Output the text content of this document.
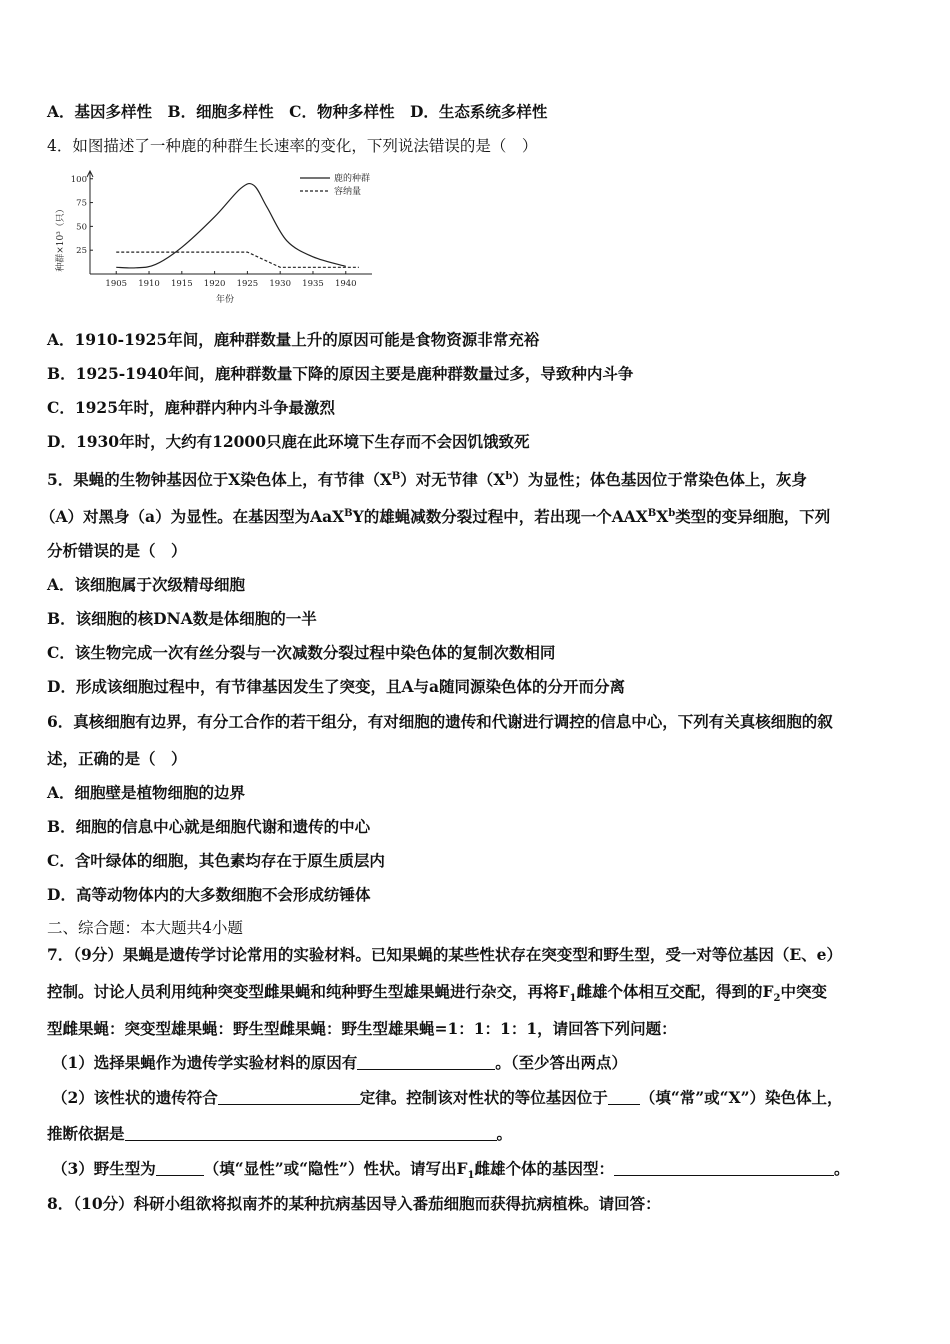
A．基因多样性　B．细胞多样性　C．物种多样性　D．生态系统多样性
4．如图描述了一种鹿的种群生长速率的变化，下列说法错误的是（　）
1905 1910 1915 1920 1925 1930 1935 1940
25
50
75
100	鹿的种群
容纳量
种群×10³（只）
年份
A．1910-1925年间，鹿种群数量上升的原因可能是食物资源非常充裕
B．1925-1940年间，鹿种群数量下降的原因主要是鹿种群数量过多，导致种内斗争
C．1925年时，鹿种群内种内斗争最激烈
D．1930年时，大约有12000只鹿在此环境下生存而不会因饥饿致死
5．果蝇的生物钟基因位于X染色体上，有节律$(X^B)$对无节律$(X^b)$为显性；体色基因位于常染色体上，灰身
（A）对黑身（a）为显性。在基因型为AaX$^B$Y的雄蝇减数分裂过程中，若出现一个$AAX^BX^b$类型的变异细胞，下列
分析错误的是（　）
A．该细胞属于次级精母细胞
B．该细胞的核DNA数是体细胞的一半
C．该生物完成一次有丝分裂与一次减数分裂过程中染色体的复制次数相同
D．形成该细胞过程中，有节律基因发生了突变，且A与a随同源染色体的分开而分离
6．真核细胞有边界，有分工合作的若干组分，有对细胞的遗传和代谢进行调控的信息中心，下列有关真核细胞的叙
述，正确的是（　）
A．细胞壁是植物细胞的边界
B．细胞的信息中心就是细胞代谢和遗传的中心
C．含叶绿体的细胞，其色素均存在于原生质层内
D．高等动物体内的大多数细胞不会形成纺锤体
二、综合题：本大题共4小题
7．（9分）果蝇是遗传学讨论常用的实验材料。已知果蝇的某些性状存在突变型和野生型，受一对等位基因（E、e）
控制。讨论人员利用纯种突变型雌果蝇和纯种野生型雄果蝇进行杂交，再将$F_1$雌雄个体相互交配，得到的$F_2$中突变
型雌果蝇：突变型雄果蝇：野生型雌果蝇：野生型雄果蝇=1：1：1：1，请回答下列问题：
（1）选择果蝇作为遗传学实验材料的原因有	。（至少答出两点）
（2）该性状的遗传符合	定律。控制该对性状的等位基因位于 （填“常”或“X”）染色体上，
推断依据是	。
（3）野生型为	（填“显性”或“隐性”）性状。请写出$F_1$雌雄个体的基因型：	。
8．（10分）科研小组欲将拟南芥的某种抗病基因导入番茄细胞而获得抗病植株。请回答：
